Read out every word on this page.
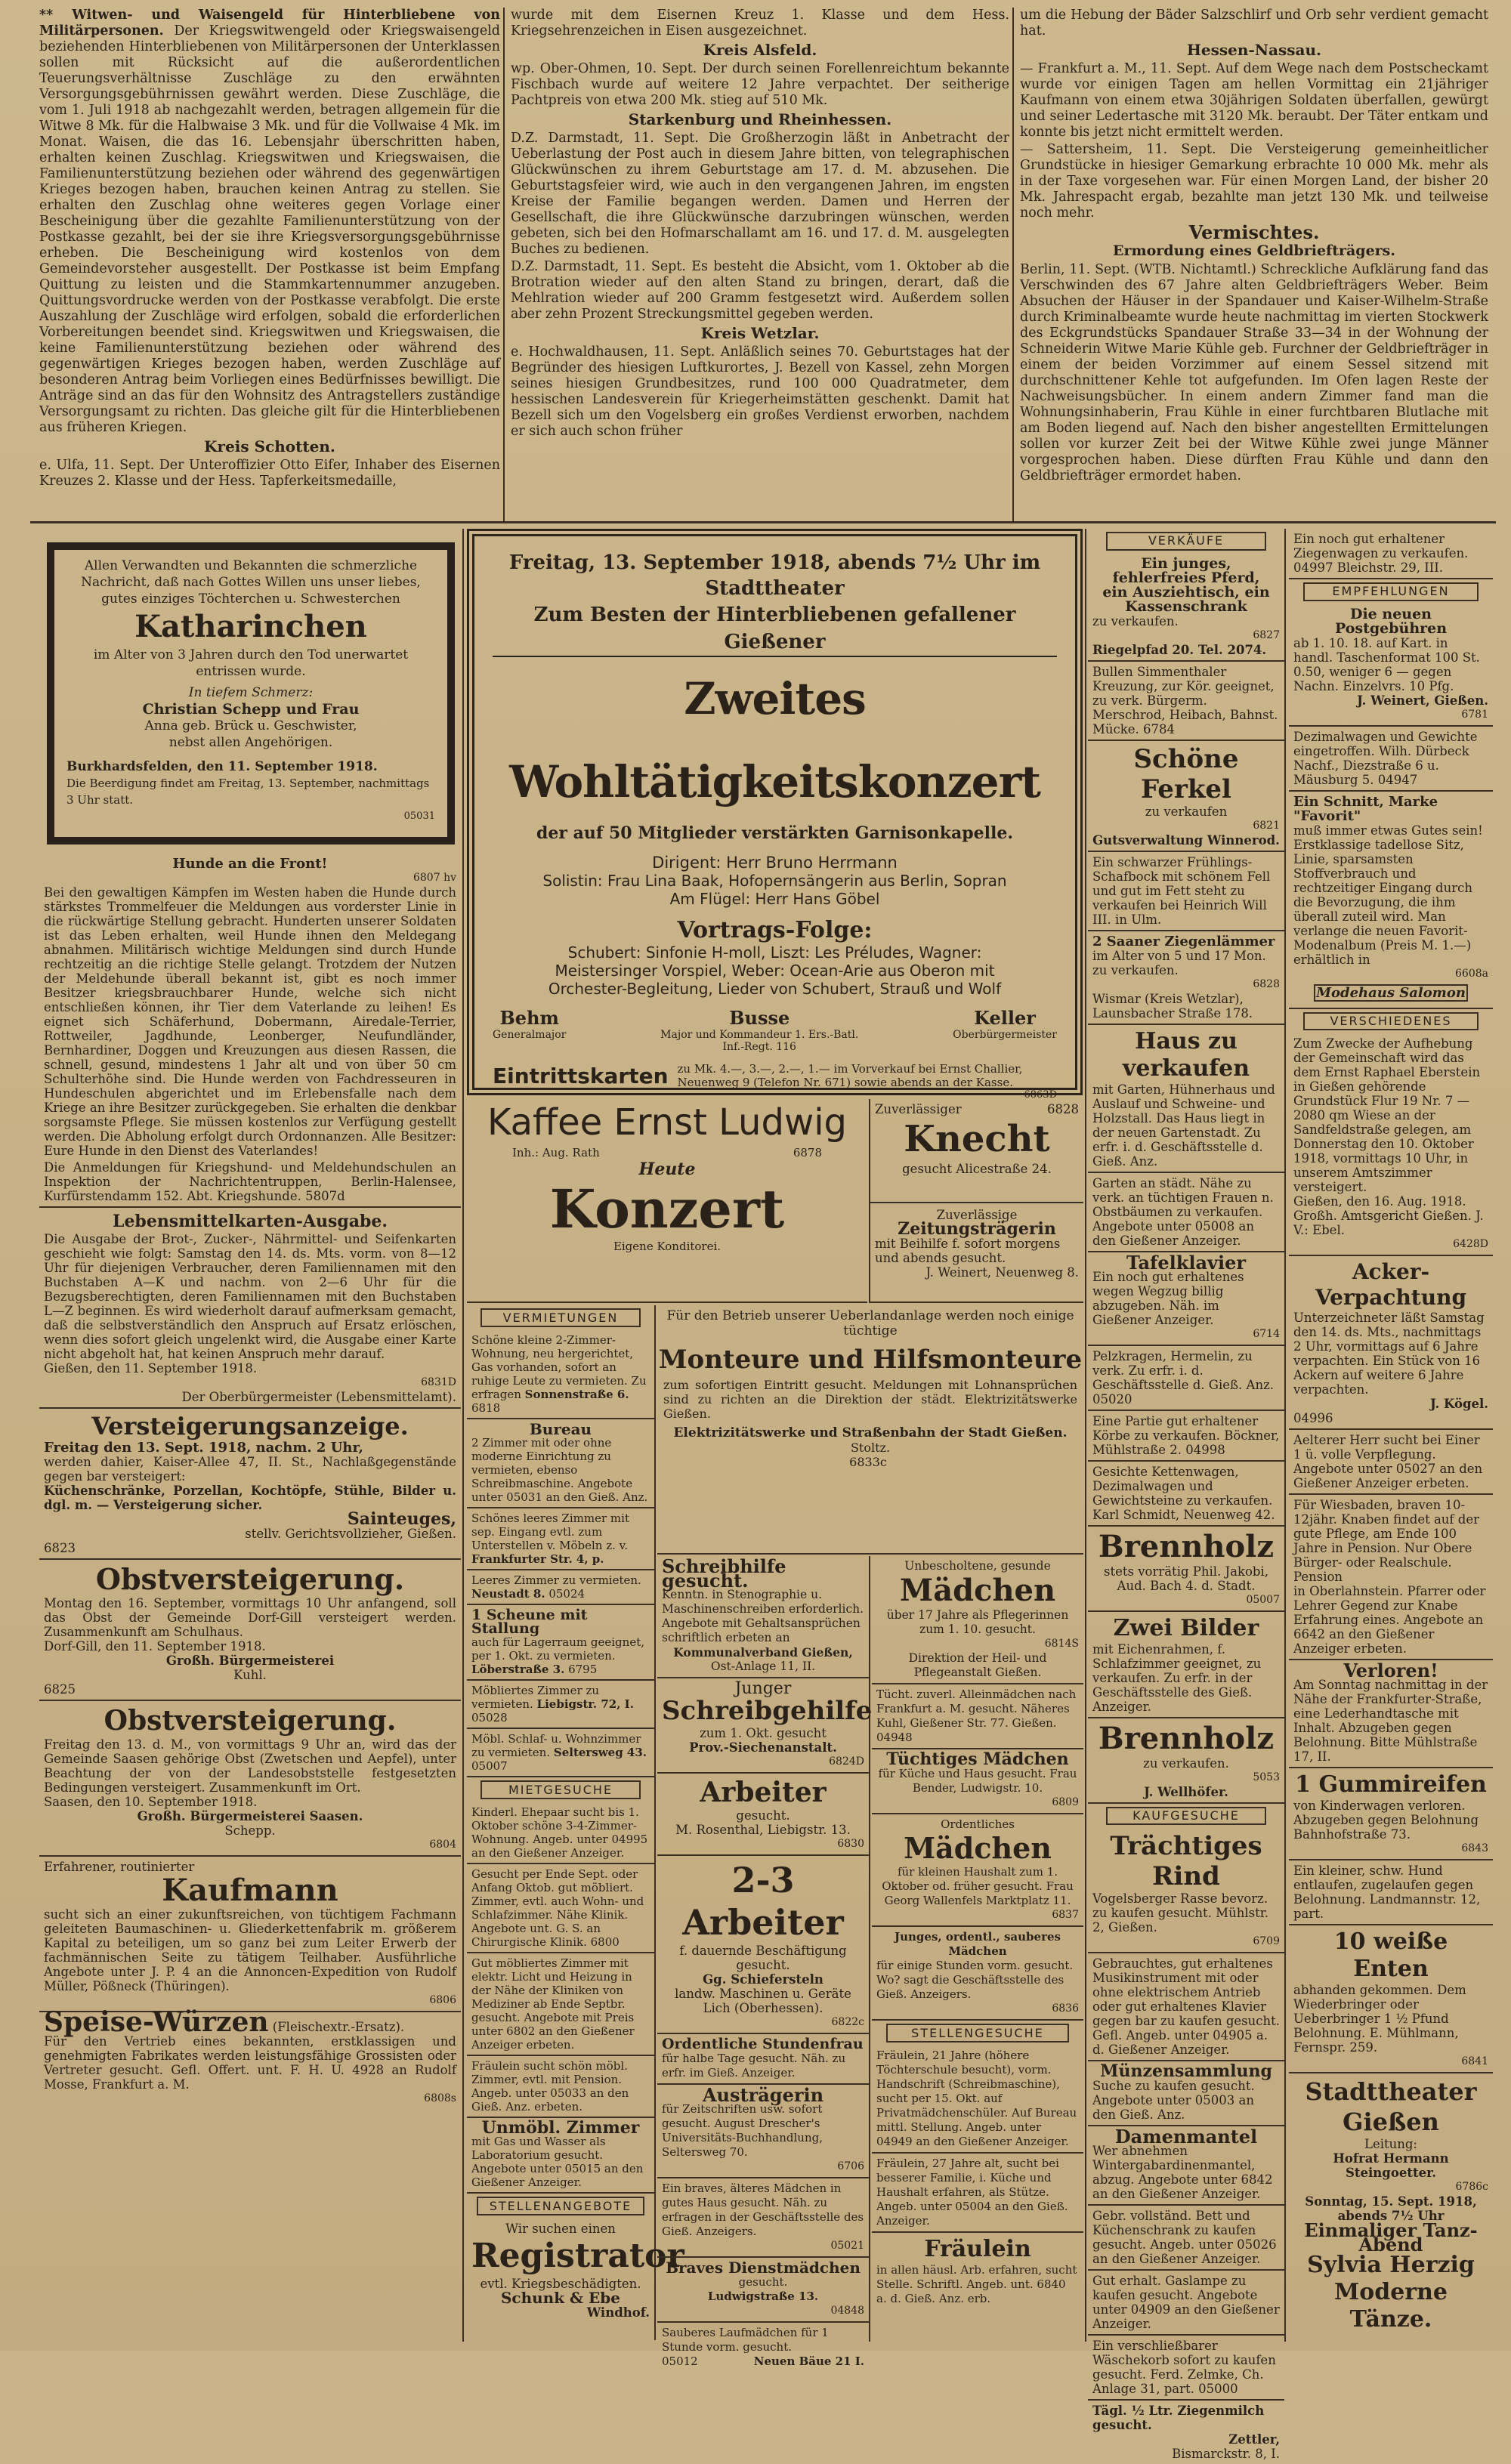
** Witwen- und Waisengeld für Hinterbliebene von Militärpersonen. Der Kriegswitwengeld oder Kriegswaisengeld beziehenden Hinterbliebenen von Militärpersonen der Unterklassen sollen mit Rücksicht auf die außerordentlichen Teuerungsverhältnisse Zuschläge zu den erwähnten Versorgungsgebührnissen gewährt werden. Diese Zuschläge, die vom 1. Juli 1918 ab nachgezahlt werden, betragen allgemein für die Witwe 8 Mk. für die Halbwaise 3 Mk. und für die Vollwaise 4 Mk. im Monat. Waisen, die das 16. Lebensjahr überschritten haben, erhalten keinen Zuschlag. Kriegswitwen und Kriegswaisen, die Familienunterstützung beziehen oder während des gegenwärtigen Krieges bezogen haben, brauchen keinen Antrag zu stellen. Sie erhalten den Zuschlag ohne weiteres gegen Vorlage einer Bescheinigung über die gezahlte Familienunterstützung von der Postkasse gezahlt, bei der sie ihre Kriegsversorgungsgebührnisse erheben. Die Bescheinigung wird kostenlos von dem Gemeindevorsteher ausgestellt. Der Postkasse ist beim Empfang Quittung zu leisten und die Stammkartennummer anzugeben. Quittungsvordrucke werden von der Postkasse verabfolgt. Die erste Auszahlung der Zuschläge wird erfolgen, sobald die erforderlichen Vorbereitungen beendet sind. Kriegswitwen und Kriegswaisen, die keine Familienunterstützung beziehen oder während des gegenwärtigen Krieges bezogen haben, werden Zuschläge auf besonderen Antrag beim Vorliegen eines Bedürfnisses bewilligt. Die Anträge sind an das für den Wohnsitz des Antragstellers zuständige Versorgungsamt zu richten. Das gleiche gilt für die Hinterbliebenen aus früheren Kriegen.

Kreis Schotten.

e. Ulfa, 11. Sept. Der Unteroffizier Otto Eifer, Inhaber des Eisernen Kreuzes 2. Klasse und der Hess. Tapferkeitsmedaille,

wurde mit dem Eisernen Kreuz 1. Klasse und dem Hess. Kriegsehrenzeichen in Eisen ausgezeichnet.

Kreis Alsfeld.

wp. Ober-Ohmen, 10. Sept. Der durch seinen Forellenreichtum bekannte Fischbach wurde auf weitere 12 Jahre verpachtet. Der seitherige Pachtpreis von etwa 200 Mk. stieg auf 510 Mk.

Starkenburg und Rheinhessen.

D.Z. Darmstadt, 11. Sept. Die Großherzogin läßt in Anbetracht der Ueberlastung der Post auch in diesem Jahre bitten, von telegraphischen Glückwünschen zu ihrem Geburtstage am 17. d. M. abzusehen. Die Geburtstagsfeier wird, wie auch in den vergangenen Jahren, im engsten Kreise der Familie begangen werden. Damen und Herren der Gesellschaft, die ihre Glückwünsche darzubringen wünschen, werden gebeten, sich bei den Hofmarschallamt am 16. und 17. d. M. ausgelegten Buches zu bedienen.

D.Z. Darmstadt, 11. Sept. Es besteht die Absicht, vom 1. Oktober ab die Brotration wieder auf den alten Stand zu bringen, derart, daß die Mehlration wieder auf 200 Gramm festgesetzt wird. Außerdem sollen aber zehn Prozent Streckungsmittel gegeben werden.

Kreis Wetzlar.

e. Hochwaldhausen, 11. Sept. Anläßlich seines 70. Geburtstages hat der Begründer des hiesigen Luftkurortes, J. Bezell von Kassel, zehn Morgen seines hiesigen Grundbesitzes, rund 100 000 Quadratmeter, dem hessischen Landesverein für Kriegerheimstätten geschenkt. Damit hat Bezell sich um den Vogelsberg ein großes Verdienst erworben, nachdem er sich auch schon früher

um die Hebung der Bäder Salzschlirf und Orb sehr verdient gemacht hat.

Hessen-Nassau.

— Frankfurt a. M., 11. Sept. Auf dem Wege nach dem Postscheckamt wurde vor einigen Tagen am hellen Vormittag ein 21jähriger Kaufmann von einem etwa 30jährigen Soldaten überfallen, gewürgt und seiner Ledertasche mit 3120 Mk. beraubt. Der Täter entkam und konnte bis jetzt nicht ermittelt werden.

— Sattersheim, 11. Sept. Die Versteigerung gemeinheitlicher Grundstücke in hiesiger Gemarkung erbrachte 10 000 Mk. mehr als in der Taxe vorgesehen war. Für einen Morgen Land, der bisher 20 Mk. Jahrespacht ergab, bezahlte man jetzt 130 Mk. und teilweise noch mehr.

Vermischtes.
Ermordung eines Geldbriefträgers.

Berlin, 11. Sept. (WTB. Nichtamtl.) Schreckliche Aufklärung fand das Verschwinden des 67 Jahre alten Geldbriefträgers Weber. Beim Absuchen der Häuser in der Spandauer und Kaiser-Wilhelm-Straße durch Kriminalbeamte wurde heute nachmittag im vierten Stockwerk des Eckgrundstücks Spandauer Straße 33—34 in der Wohnung der Schneiderin Witwe Marie Kühle geb. Furchner der Geldbriefträger in einem der beiden Vorzimmer auf einem Sessel sitzend mit durchschnittener Kehle tot aufgefunden. Im Ofen lagen Reste der Nachweisungsbücher. In einem andern Zimmer fand man die Wohnungsinhaberin, Frau Kühle in einer furchtbaren Blutlache mit am Boden liegend auf. Nach den bisher angestellten Ermittelungen sollen vor kurzer Zeit bei der Witwe Kühle zwei junge Männer vorgesprochen haben. Diese dürften Frau Kühle und dann den Geldbriefträger ermordet haben.

Allen Verwandten und Bekannten die schmerzliche Nachricht, daß nach Gottes Willen uns unser liebes, gutes einziges Töchterchen u. Schwesterchen
Katharinchen
im Alter von 3 Jahren durch den Tod unerwartet entrissen wurde.
In tiefem Schmerz:
Christian Schepp und Frau
Anna geb. Brück u. Geschwister,
nebst allen Angehörigen.
Burkhardsfelden, den 11. September 1918.
Die Beerdigung findet am Freitag, 13. September, nachmittags 3 Uhr statt.
05031
Hunde an die Front!
6807 hv
Bei den gewaltigen Kämpfen im Westen haben die Hunde durch stärkstes Trommelfeuer die Meldungen aus vorderster Linie in die rückwärtige Stellung gebracht. Hunderten unserer Soldaten ist das Leben erhalten, weil Hunde ihnen den Meldegang abnahmen. Militärisch wichtige Meldungen sind durch Hunde rechtzeitig an die richtige Stelle gelangt. Trotzdem der Nutzen der Meldehunde überall bekannt ist, gibt es noch immer Besitzer kriegsbrauchbarer Hunde, welche sich nicht entschließen können, ihr Tier dem Vaterlande zu leihen! Es eignet sich Schäferhund, Dobermann, Airedale-Terrier, Rottweiler, Jagdhunde, Leonberger, Neufundländer, Bernhardiner, Doggen und Kreuzungen aus diesen Rassen, die schnell, gesund, mindestens 1 Jahr alt und von über 50 cm Schulterhöhe sind. Die Hunde werden von Fachdresseuren in Hundeschulen abgerichtet und im Erlebensfalle nach dem Kriege an ihre Besitzer zurückgegeben. Sie erhalten die denkbar sorgsamste Pflege. Sie müssen kostenlos zur Verfügung gestellt werden. Die Abholung erfolgt durch Ordonnanzen. Alle Besitzer: Eure Hunde in den Dienst des Vaterlandes!
Die Anmeldungen für Kriegshund- und Meldehundschulen an Inspektion der Nachrichtentruppen, Berlin-Halensee, Kurfürstendamm 152. Abt. Kriegshunde. 5807d
Lebensmittelkarten-Ausgabe.
Die Ausgabe der Brot-, Zucker-, Nährmittel- und Seifenkarten geschieht wie folgt: Samstag den 14. ds. Mts. vorm. von 8—12 Uhr für diejenigen Verbraucher, deren Familiennamen mit den Buchstaben A—K und nachm. von 2—6 Uhr für die Bezugsberechtigten, deren Familiennamen mit den Buchstaben L—Z beginnen. Es wird wiederholt darauf aufmerksam gemacht, daß die selbstverständlich den Anspruch auf Ersatz erlöschen, wenn dies sofort gleich ungelenkt wird, die Ausgabe einer Karte nicht abgeholt hat, hat keinen Anspruch mehr darauf.
Gießen, den 11. September 1918.
6831D
Der Oberbürgermeister (Lebensmittelamt).
Versteigerungsanzeige.
Freitag den 13. Sept. 1918, nachm. 2 Uhr,
werden dahier, Kaiser-Allee 47, II. St., Nachlaßgegenstände gegen bar versteigert:
Küchenschränke, Porzellan, Kochtöpfe, Stühle, Bilder u. dgl. m. — Versteigerung sicher.
Sainteuges,
stellv. Gerichtsvollzieher, Gießen.
6823
Obstversteigerung.
Montag den 16. September, vormittags 10 Uhr anfangend, soll das Obst der Gemeinde Dorf-Gill versteigert werden. Zusammenkunft am Schulhaus.
Dorf-Gill, den 11. September 1918.
Großh. Bürgermeisterei
Kuhl.
6825
Obstversteigerung.
Freitag den 13. d. M., von vormittags 9 Uhr an, wird das der Gemeinde Saasen gehörige Obst (Zwetschen und Aepfel), unter Beachtung der von der Landesobststelle festgesetzten Bedingungen versteigert. Zusammenkunft im Ort.
Saasen, den 10. September 1918.
Großh. Bürgermeisterei Saasen.
Schepp.
6804
Erfahrener, routinierter
Kaufmann
sucht sich an einer zukunftsreichen, von tüchtigem Fachmann geleiteten Baumaschinen- u. Gliederkettenfabrik m. größerem Kapital zu beteiligen, um so ganz bei zum Leiter Erwerb der fachmännischen Seite zu tätigem Teilhaber. Ausführliche Angebote unter J. P. 4 an die Annoncen-Expedition von Rudolf Müller, Pößneck (Thüringen).
6806
Speise-Würzen (Fleischextr.-Ersatz).
Für den Vertrieb eines bekannten, erstklassigen und genehmigten Fabrikates werden leistungsfähige Grossisten oder Vertreter gesucht. Gefl. Offert. unt. F. H. U. 4928 an Rudolf Mosse, Frankfurt a. M.
6808s
Freitag, 13. September 1918, abends 7½ Uhr im Stadttheater
Zum Besten der Hinterbliebenen gefallener Gießener
Zweites Wohltätigkeitskonzert
der auf 50 Mitglieder verstärkten Garnisonkapelle.
Dirigent: Herr Bruno Herrmann
Solistin: Frau Lina Baak, Hofopernsängerin aus Berlin, Sopran
Am Flügel: Herr Hans Göbel
Vortrags-Folge:
Schubert: Sinfonie H-moll, Liszt: Les Préludes, Wagner:
Meistersinger Vorspiel, Weber: Ocean-Arie aus Oberon mit
Orchester-Begleitung, Lieder von Schubert, Strauß und Wolf
Behm
Generalmajor
Busse
Major und Kommandeur 1. Ers.-Batl. Inf.-Regt. 116
Keller
Oberbürgermeister
Eintrittskarten zu Mk. 4.—, 3.—, 2.—, 1.— im Vorverkauf bei Ernst Challier, Neuenweg 9 (Telefon Nr. 671) sowie abends an der Kasse.
6863D
Kaffee Ernst Ludwig
Inh.: Aug. Rath	6878
Heute
Konzert
Eigene Konditorei.
Zuverlässiger	6828
Knecht
gesucht Alicestraße 24.
Zuverlässige
Zeitungsträgerin
mit Beihilfe f. sofort morgens und abends gesucht.
J. Weinert, Neuenweg 8.
VERMIETUNGEN
Schöne kleine 2-Zimmer-Wohnung, neu hergerichtet, Gas vorhanden, sofort an ruhige Leute zu vermieten. Zu erfragen Sonnenstraße 6. 6818
Bureau
2 Zimmer mit oder ohne moderne Einrichtung zu vermieten, ebenso Schreibmaschine. Angebote unter 05031 an den Gieß. Anz.
Schönes leeres Zimmer mit sep. Eingang evtl. zum Unterstellen v. Möbeln z. v. Frankfurter Str. 4, p.
Leeres Zimmer zu vermieten. Neustadt 8. 05024
1 Scheune mit Stallung
auch für Lagerraum geeignet, per 1. Okt. zu vermieten. Löberstraße 3. 6795
Möbliertes Zimmer zu vermieten. Liebigstr. 72, I. 05028
Möbl. Schlaf- u. Wohnzimmer zu vermieten. Seltersweg 43. 05007
MIETGESUCHE
Kinderl. Ehepaar sucht bis 1. Oktober schöne 3-4-Zimmer-Wohnung. Angeb. unter 04995 an den Gießener Anzeiger.
Gesucht per Ende Sept. oder Anfang Oktob. gut möbliert. Zimmer, evtl. auch Wohn- und Schlafzimmer. Nähe Klinik. Angebote unt. G. S. an Chirurgische Klinik. 6800
Gut möbliertes Zimmer mit elektr. Licht und Heizung in der Nähe der Kliniken von Mediziner ab Ende Septbr. gesucht. Angebote mit Preis unter 6802 an den Gießener Anzeiger erbeten.
Fräulein sucht schön möbl. Zimmer, evtl. mit Pension. Angeb. unter 05033 an den Gieß. Anz. erbeten.
Unmöbl. Zimmer
mit Gas und Wasser als Laboratorium gesucht. Angebote unter 05015 an den Gießener Anzeiger.
STELLENANGEBOTE
Wir suchen einen
Registrator
evtl. Kriegsbeschädigten.
Schunk & Ebe
Windhof.
Für den Betrieb unserer Ueberlandanlage werden noch einige tüchtige
Monteure und Hilfsmonteure
zum sofortigen Eintritt gesucht. Meldungen mit Lohnansprüchen sind zu richten an die Direktion der städt. Elektrizitätswerke Gießen.
Elektrizitätswerke und Straßenbahn der Stadt Gießen.
Stoltz.
6833c
Schreibhilfe gesucht.
Kenntn. in Stenographie u. Maschinenschreiben erforderlich. Angebote mit Gehaltsansprüchen schriftlich erbeten an
Kommunalverband Gießen,
Ost-Anlage 11, II.
Junger
Schreibgehilfe
zum 1. Okt. gesucht
Prov.-Siechenanstalt.
6824D
Arbeiter
gesucht.
M. Rosenthal, Liebigstr. 13.
6830
2-3 Arbeiter
f. dauernde Beschäftigung gesucht.
Gg. Schiefersteln
landw. Maschinen u. Geräte
Lich (Oberhessen).
6822c
Ordentliche Stundenfrau
für halbe Tage gesucht. Näh. zu erfr. im Gieß. Anzeiger.
Austrägerin
für Zeitschriften usw. sofort gesucht. August Drescher's Universitäts-Buchhandlung, Seltersweg 70.
6706
Ein braves, älteres Mädchen in gutes Haus gesucht. Näh. zu erfragen in der Geschäftsstelle des Gieß. Anzeigers.
05021
Braves Dienstmädchen
gesucht.
Ludwigstraße 13.
04848
Sauberes Laufmädchen für 1 Stunde vorm. gesucht.
05012	Neuen Bäue 21 I.
Unbescholtene, gesunde
Mädchen
über 17 Jahre als Pflegerinnen zum 1. 10. gesucht.
6814S
Direktion der Heil- und Pflegeanstalt Gießen.
Tücht. zuverl. Alleinmädchen nach Frankfurt a. M. gesucht. Näheres Kuhl, Gießener Str. 77. Gießen.
04948
Tüchtiges Mädchen
für Küche und Haus gesucht. Frau Bender, Ludwigstr. 10.
6809
Ordentliches
Mädchen
für kleinen Haushalt zum 1. Oktober od. früher gesucht. Frau Georg Wallenfels Marktplatz 11.
6837
Junges, ordentl., sauberes Mädchen
für einige Stunden vorm. gesucht. Wo? sagt die Geschäftsstelle des Gieß. Anzeigers.
6836
STELLENGESUCHE
Fräulein, 21 Jahre (höhere Töchterschule besucht), vorm. Handschrift (Schreibmaschine), sucht per 15. Okt. auf Privatmädchenschüler. Auf Bureau mittl. Stellung. Angeb. unter 04949 an den Gießener Anzeiger.
Fräulein, 27 Jahre alt, sucht bei besserer Familie, i. Küche und Haushalt erfahren, als Stütze. Angeb. unter 05004 an den Gieß. Anzeiger.
Fräulein
in allen häusl. Arb. erfahren, sucht Stelle. Schriftl. Angeb. unt. 6840 a. d. Gieß. Anz. erb.
VERKÄUFE
Ein junges, fehlerfreies Pferd,
ein Ausziehtisch, ein Kassenschrank
zu verkaufen.
6827
Riegelpfad 20. Tel. 2074.
Bullen Simmenthaler Kreuzung, zur Kör. geeignet, zu verk. Bürgerm. Merschrod, Heibach, Bahnst. Mücke. 6784
Schöne Ferkel
zu verkaufen
6821
Gutsverwaltung Winnerod.
Ein schwarzer Frühlings-Schafbock mit schönem Fell und gut im Fett steht zu verkaufen bei Heinrich Will III. in Ulm.
2 Saaner Ziegenlämmer
im Alter von 5 und 17 Mon. zu verkaufen.
6828
Wismar (Kreis Wetzlar), Launsbacher Straße 178.
Haus zu verkaufen
mit Garten, Hühnerhaus und Auslauf und Schweine- und Holzstall. Das Haus liegt in der neuen Gartenstadt. Zu erfr. i. d. Geschäftsstelle d. Gieß. Anz.
Garten an städt. Nähe zu verk. an tüchtigen Frauen n. Obstbäumen zu verkaufen. Angebote unter 05008 an den Gießener Anzeiger.
Tafelklavier
Ein noch gut erhaltenes wegen Wegzug billig abzugeben. Näh. im Gießener Anzeiger.
6714
Pelzkragen, Hermelin, zu verk. Zu erfr. i. d. Geschäftsstelle d. Gieß. Anz. 05020
Eine Partie gut erhaltener Körbe zu verkaufen. Böckner, Mühlstraße 2. 04998
Gesichte Kettenwagen, Dezimalwagen und Gewichtsteine zu verkaufen. Karl Schmidt, Neuenweg 42.
Brennholz
stets vorrätig Phil. Jakobi, Aud. Bach 4. d. Stadt.
05007
Zwei Bilder
mit Eichenrahmen, f. Schlafzimmer geeignet, zu verkaufen. Zu erfr. in der Geschäftsstelle des Gieß. Anzeiger.
Brennholz
zu verkaufen.
5053
J. Wellhöfer.
KAUFGESUCHE
Trächtiges Rind
Vogelsberger Rasse bevorz. zu kaufen gesucht. Mühlstr. 2, Gießen.
6709
Gebrauchtes, gut erhaltenes Musikinstrument mit oder ohne elektrischem Antrieb oder gut erhaltenes Klavier gegen bar zu kaufen gesucht. Gefl. Angeb. unter 04905 a. d. Gießener Anzeiger.
Münzensammlung
Suche zu kaufen gesucht. Angebote unter 05003 an den Gieß. Anz.
Damenmantel
Wer abnehmen Wintergabardinenmantel, abzug. Angebote unter 6842 an den Gießener Anzeiger.
Gebr. vollständ. Bett und Küchenschrank zu kaufen gesucht. Angeb. unter 05026 an den Gießener Anzeiger.
Gut erhalt. Gaslampe zu kaufen gesucht. Angebote unter 04909 an den Gießener Anzeiger.
Ein verschließbarer Wäschekorb sofort zu kaufen gesucht. Ferd. Zelmke, Ch. Anlage 31, part. 05000
Tägl. ½ Ltr. Ziegenmilch gesucht.
Zettler,
Bismarckstr. 8, I.
Ein noch gut erhaltener Ziegenwagen zu verkaufen. 04997 Bleichstr. 29, III.
EMPFEHLUNGEN
Die neuen Postgebühren
ab 1. 10. 18. auf Kart. in handl. Taschenformat 100 St. 0.50, weniger 6 — gegen Nachn. Einzelvrs. 10 Pfg.
J. Weinert, Gießen.
6781
Dezimalwagen und Gewichte eingetroffen. Wilh. Dürbeck Nachf., Diezstraße 6 u. Mäusburg 5. 04947
Ein Schnitt, Marke "Favorit"
muß immer etwas Gutes sein! Erstklassige tadellose Sitz, Linie, sparsamsten Stoffverbrauch und rechtzeitiger Eingang durch die Bevorzugung, die ihm überall zuteil wird. Man verlange die neuen Favorit-Modenalbum (Preis M. 1.—) erhältlich in
6608a
Modehaus Salomon
VERSCHIEDENES
Zum Zwecke der Aufhebung der Gemeinschaft wird das dem Ernst Raphael Eberstein in Gießen gehörende Grundstück Flur 19 Nr. 7 — 2080 qm Wiese an der Sandfeldstraße gelegen, am Donnerstag den 10. Oktober 1918, vormittags 10 Uhr, in unserem Amtszimmer versteigert.
Gießen, den 16. Aug. 1918.
Großh. Amtsgericht Gießen. J. V.: Ebel.
6428D
Acker-Verpachtung
Unterzeichneter läßt Samstag den 14. ds. Mts., nachmittags 2 Uhr, vormittags auf 6 Jahre verpachten. Ein Stück von 16 Ackern auf weitere 6 Jahre verpachten.
J. Kögel.
04996
Aelterer Herr sucht bei Einer 1 ü. volle Verpflegung. Angebote unter 05027 an den Gießener Anzeiger erbeten.
Für Wiesbaden, braven 10-12jähr. Knaben findet auf der gute Pflege, am Ende 100 Jahre in Pension. Nur Obere Bürger- oder Realschule. Pension
in Oberlahnstein. Pfarrer oder Lehrer Gegend zur Knabe Erfahrung eines. Angebote an
6642 an den Gießener Anzeiger erbeten.
Verloren!
Am Sonntag nachmittag in der Nähe der Frankfurter-Straße, eine Lederhandtasche mit Inhalt. Abzugeben gegen Belohnung. Bitte Mühlstraße 17, II.
1 Gummireifen
von Kinderwagen verloren. Abzugeben gegen Belohnung Bahnhofstraße 73.
6843
Ein kleiner, schw. Hund entlaufen, zugelaufen gegen Belohnung. Landmannstr. 12, part.
10 weiße Enten
abhanden gekommen. Dem Wiederbringer oder Ueberbringer 1 ½ Pfund Belohnung. E. Mühlmann, Fernspr. 259.
6841
Stadttheater Gießen
Leitung:
Hofrat Hermann Steingoetter.
6786c
Sonntag, 15. Sept. 1918, abends 7½ Uhr
Einmaliger Tanz-Abend
Sylvia Herzig
Moderne Tänze.
